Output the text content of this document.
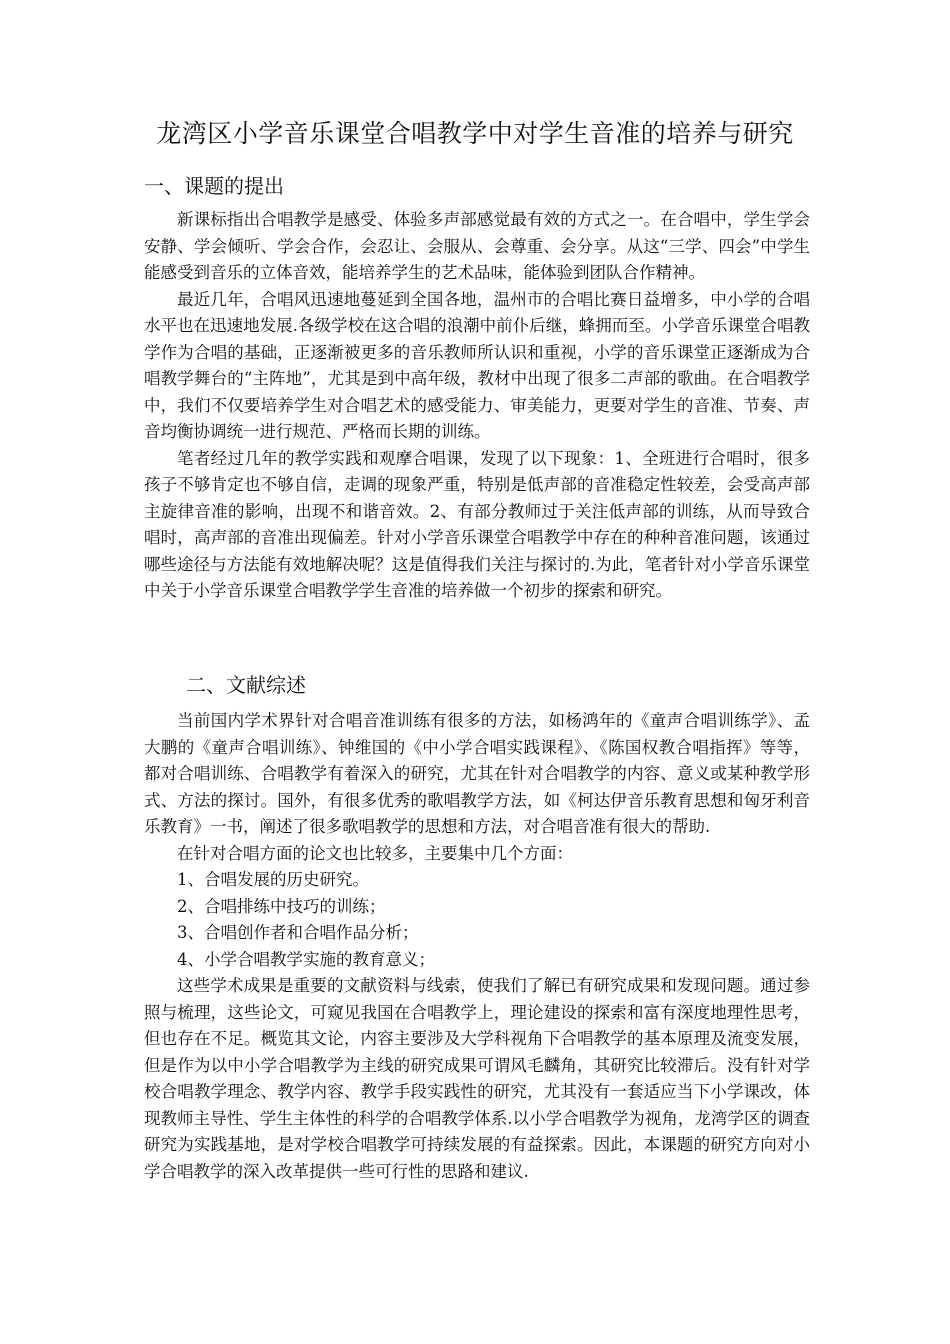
龙湾区小学音乐课堂合唱教学中对学生音准的培养与研究
一、课题的提出

新课标指出合唱教学是感受、体验多声部感觉最有效的方式之一。在合唱中，学生学会安静、学会倾听、学会合作，会忍让、会服从、会尊重、会分享。从这“三学、四会”中学生能感受到音乐的立体音效，能培养学生的艺术品味，能体验到团队合作精神。

最近几年，合唱风迅速地蔓延到全国各地，温州市的合唱比赛日益增多，中小学的合唱水平也在迅速地发展.各级学校在这合唱的浪潮中前仆后继，蜂拥而至。小学音乐课堂合唱教学作为合唱的基础，正逐渐被更多的音乐教师所认识和重视，小学的音乐课堂正逐渐成为合唱教学舞台的“主阵地”，尤其是到中高年级，教材中出现了很多二声部的歌曲。在合唱教学中，我们不仅要培养学生对合唱艺术的感受能力、审美能力，更要对学生的音准、节奏、声音均衡协调统一进行规范、严格而长期的训练。

笔者经过几年的教学实践和观摩合唱课，发现了以下现象：1、全班进行合唱时，很多孩子不够肯定也不够自信，走调的现象严重，特别是低声部的音准稳定性较差，会受高声部主旋律音准的影响，出现不和谐音效。2、有部分教师过于关注低声部的训练，从而导致合唱时，高声部的音准出现偏差。针对小学音乐课堂合唱教学中存在的种种音准问题，该通过哪些途径与方法能有效地解决呢？这是值得我们关注与探讨的.为此，笔者针对小学音乐课堂中关于小学音乐课堂合唱教学学生音准的培养做一个初步的探索和研究。

二、文献综述

当前国内学术界针对合唱音准训练有很多的方法，如杨鸿年的《童声合唱训练学》、孟大鹏的《童声合唱训练》、钟维国的《中小学合唱实践课程》、《陈国权教合唱指挥》等等，都对合唱训练、合唱教学有着深入的研究，尤其在针对合唱教学的内容、意义或某种教学形式、方法的探讨。国外，有很多优秀的歌唱教学方法，如《柯达伊音乐教育思想和匈牙利音乐教育》一书，阐述了很多歌唱教学的思想和方法，对合唱音准有很大的帮助.

在针对合唱方面的论文也比较多，主要集中几个方面：

1、合唱发展的历史研究。

2、合唱排练中技巧的训练；

3、合唱创作者和合唱作品分析；

4、小学合唱教学实施的教育意义；

这些学术成果是重要的文献资料与线索，使我们了解已有研究成果和发现问题。通过参照与梳理，这些论文，可窥见我国在合唱教学上，理论建设的探索和富有深度地理性思考，但也存在不足。概览其文论，内容主要涉及大学科视角下合唱教学的基本原理及流变发展，但是作为以中小学合唱教学为主线的研究成果可谓风毛麟角，其研究比较滞后。没有针对学校合唱教学理念、教学内容、教学手段实践性的研究，尤其没有一套适应当下小学课改，体现教师主导性、学生主体性的科学的合唱教学体系.以小学合唱教学为视角，龙湾学区的调查研究为实践基地，是对学校合唱教学可持续发展的有益探索。因此，本课题的研究方向对小学合唱教学的深入改革提供一些可行性的思路和建议.
